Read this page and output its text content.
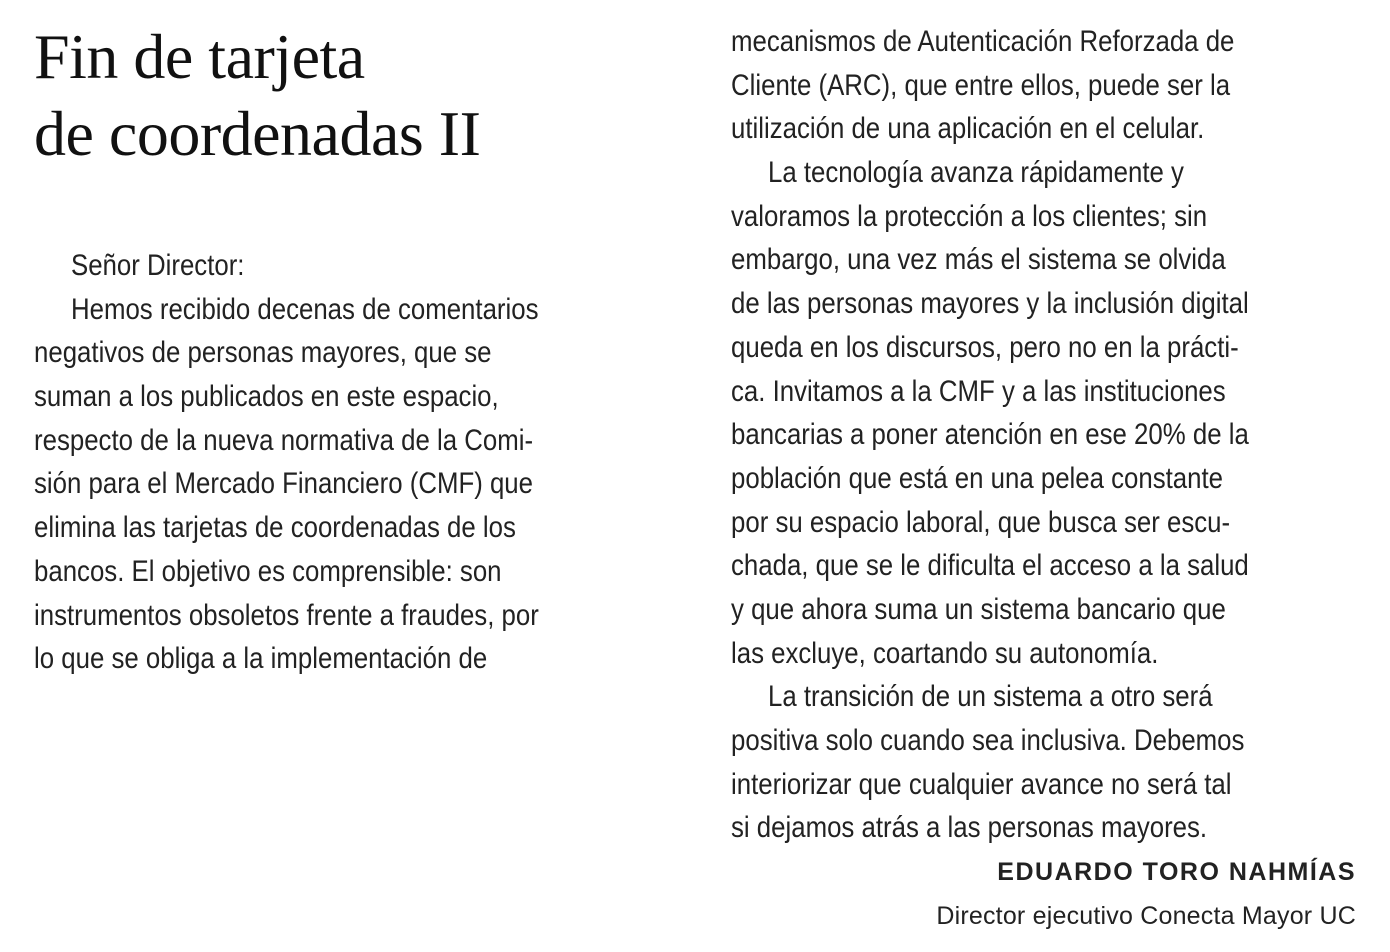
Fin de tarjeta
de coordenadas II
Señor Director:
Hemos recibido decenas de comentarios
negativos de personas mayores, que se
suman a los publicados en este espacio,
respecto de la nueva normativa de la Comi-
sión para el Mercado Financiero (CMF) que
elimina las tarjetas de coordenadas de los
bancos. El objetivo es comprensible: son
instrumentos obsoletos frente a fraudes, por
lo que se obliga a la implementación de
mecanismos de Autenticación Reforzada de
Cliente (ARC), que entre ellos, puede ser la
utilización de una aplicación en el celular.
La tecnología avanza rápidamente y
valoramos la protección a los clientes; sin
embargo, una vez más el sistema se olvida
de las personas mayores y la inclusión digital
queda en los discursos, pero no en la prácti-
ca. Invitamos a la CMF y a las instituciones
bancarias a poner atención en ese 20% de la
población que está en una pelea constante
por su espacio laboral, que busca ser escu-
chada, que se le dificulta el acceso a la salud
y que ahora suma un sistema bancario que
las excluye, coartando su autonomía.
La transición de un sistema a otro será
positiva solo cuando sea inclusiva. Debemos
interiorizar que cualquier avance no será tal
si dejamos atrás a las personas mayores.
EDUARDO TORO NAHMÍAS
Director ejecutivo Conecta Mayor UC
